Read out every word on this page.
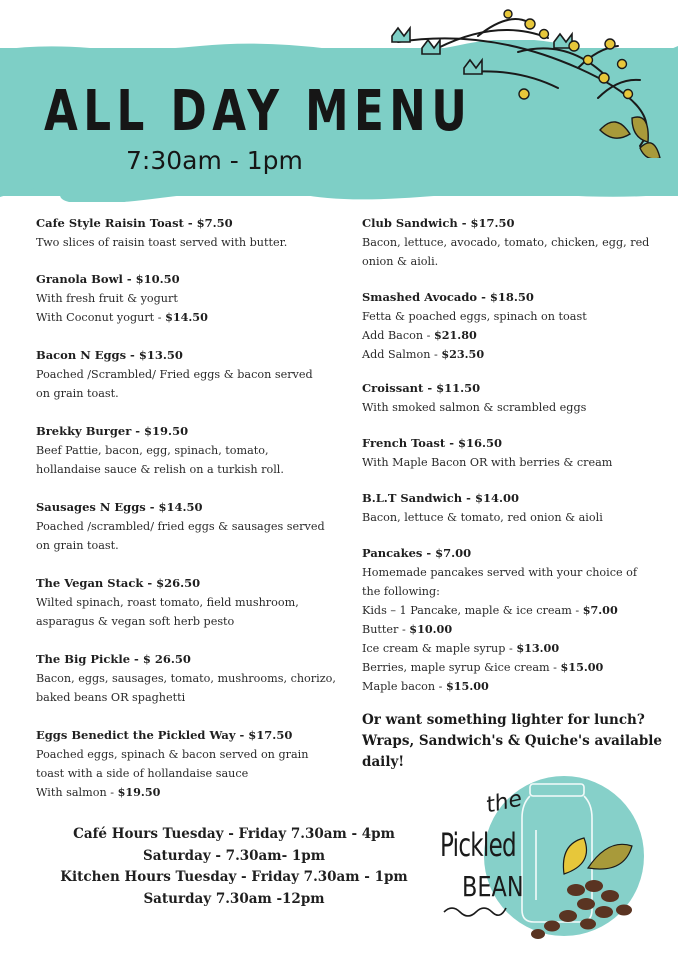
ALL DAY MENU
7:30am - 1pm
Cafe Style Raisin Toast - $7.50
Two slices of raisin toast served with butter.
Granola Bowl - $10.50
With fresh fruit & yogurt
With Coconut yogurt - $14.50
Bacon N Eggs - $13.50
Poached /Scrambled/ Fried eggs & bacon served
on grain toast.
Brekky Burger - $19.50
Beef Pattie, bacon, egg, spinach, tomato,
hollandaise sauce & relish on a turkish roll.
Sausages N Eggs - $14.50
Poached /scrambled/ fried eggs & sausages served
on grain toast.
The Vegan Stack - $26.50
Wilted spinach, roast tomato, field mushroom,
asparagus & vegan soft herb pesto
The Big Pickle - $ 26.50
Bacon, eggs, sausages, tomato, mushrooms, chorizo,
baked beans OR spaghetti
Eggs Benedict the Pickled Way - $17.50
Poached eggs, spinach & bacon served on grain
toast with a side of hollandaise sauce
With salmon - $19.50
Club Sandwich - $17.50
Bacon, lettuce, avocado, tomato, chicken, egg, red
onion & aioli.
Smashed Avocado - $18.50
Fetta & poached eggs, spinach on toast
Add Bacon - $21.80
Add Salmon - $23.50
Croissant - $11.50
With smoked salmon & scrambled eggs
French Toast - $16.50
With Maple Bacon OR with berries & cream
B.L.T Sandwich - $14.00
Bacon, lettuce & tomato, red onion & aioli
Pancakes - $7.00
Homemade pancakes served with your choice of
the following:
Kids – 1 Pancake, maple & ice cream - $7.00
Butter - $10.00
Ice cream & maple syrup - $13.00
Berries, maple syrup &ice cream - $15.00
Maple bacon - $15.00
Or want something lighter for lunch?
Wraps, Sandwich's & Quiche's available
daily!
Café Hours Tuesday - Friday 7.30am - 4pm
Saturday - 7.30am- 1pm
Kitchen Hours Tuesday - Friday 7.30am - 1pm
Saturday 7.30am -12pm
the
Pickled
BEAN
